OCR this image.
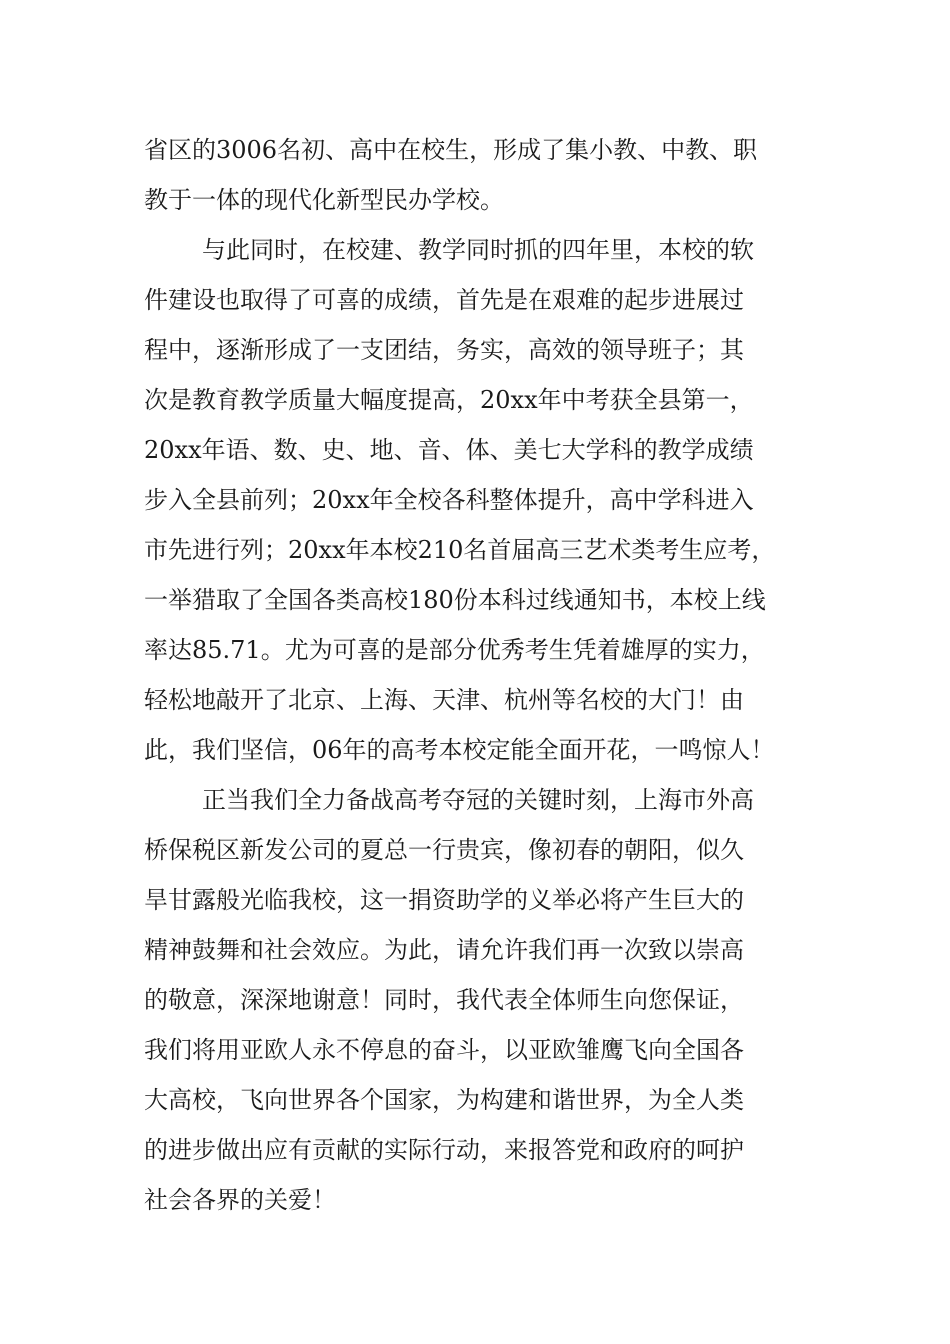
省区的3006名初、高中在校生，形成了集小教、中教、职
教于一体的现代化新型民办学校。
与此同时，在校建、教学同时抓的四年里，本校的软
件建设也取得了可喜的成绩，首先是在艰难的起步进展过
程中，逐渐形成了一支团结，务实，高效的领导班子；其
次是教育教学质量大幅度提高，20xx年中考获全县第一，
20xx年语、数、史、地、音、体、美七大学科的教学成绩
步入全县前列；20xx年全校各科整体提升，高中学科进入
市先进行列；20xx年本校210名首届高三艺术类考生应考，
一举猎取了全国各类高校180份本科过线通知书，本校上线
率达85.71。尤为可喜的是部分优秀考生凭着雄厚的实力，
轻松地敲开了北京、上海、天津、杭州等名校的大门！由
此，我们坚信，06年的高考本校定能全面开花，一鸣惊人！
正当我们全力备战高考夺冠的关键时刻，上海市外高
桥保税区新发公司的夏总一行贵宾，像初春的朝阳，似久
旱甘露般光临我校，这一捐资助学的义举必将产生巨大的
精神鼓舞和社会效应。为此，请允许我们再一次致以崇高
的敬意，深深地谢意！同时，我代表全体师生向您保证，
我们将用亚欧人永不停息的奋斗，以亚欧雏鹰飞向全国各
大高校，飞向世界各个国家，为构建和谐世界，为全人类
的进步做出应有贡献的实际行动，来报答党和政府的呵护
社会各界的关爱！
